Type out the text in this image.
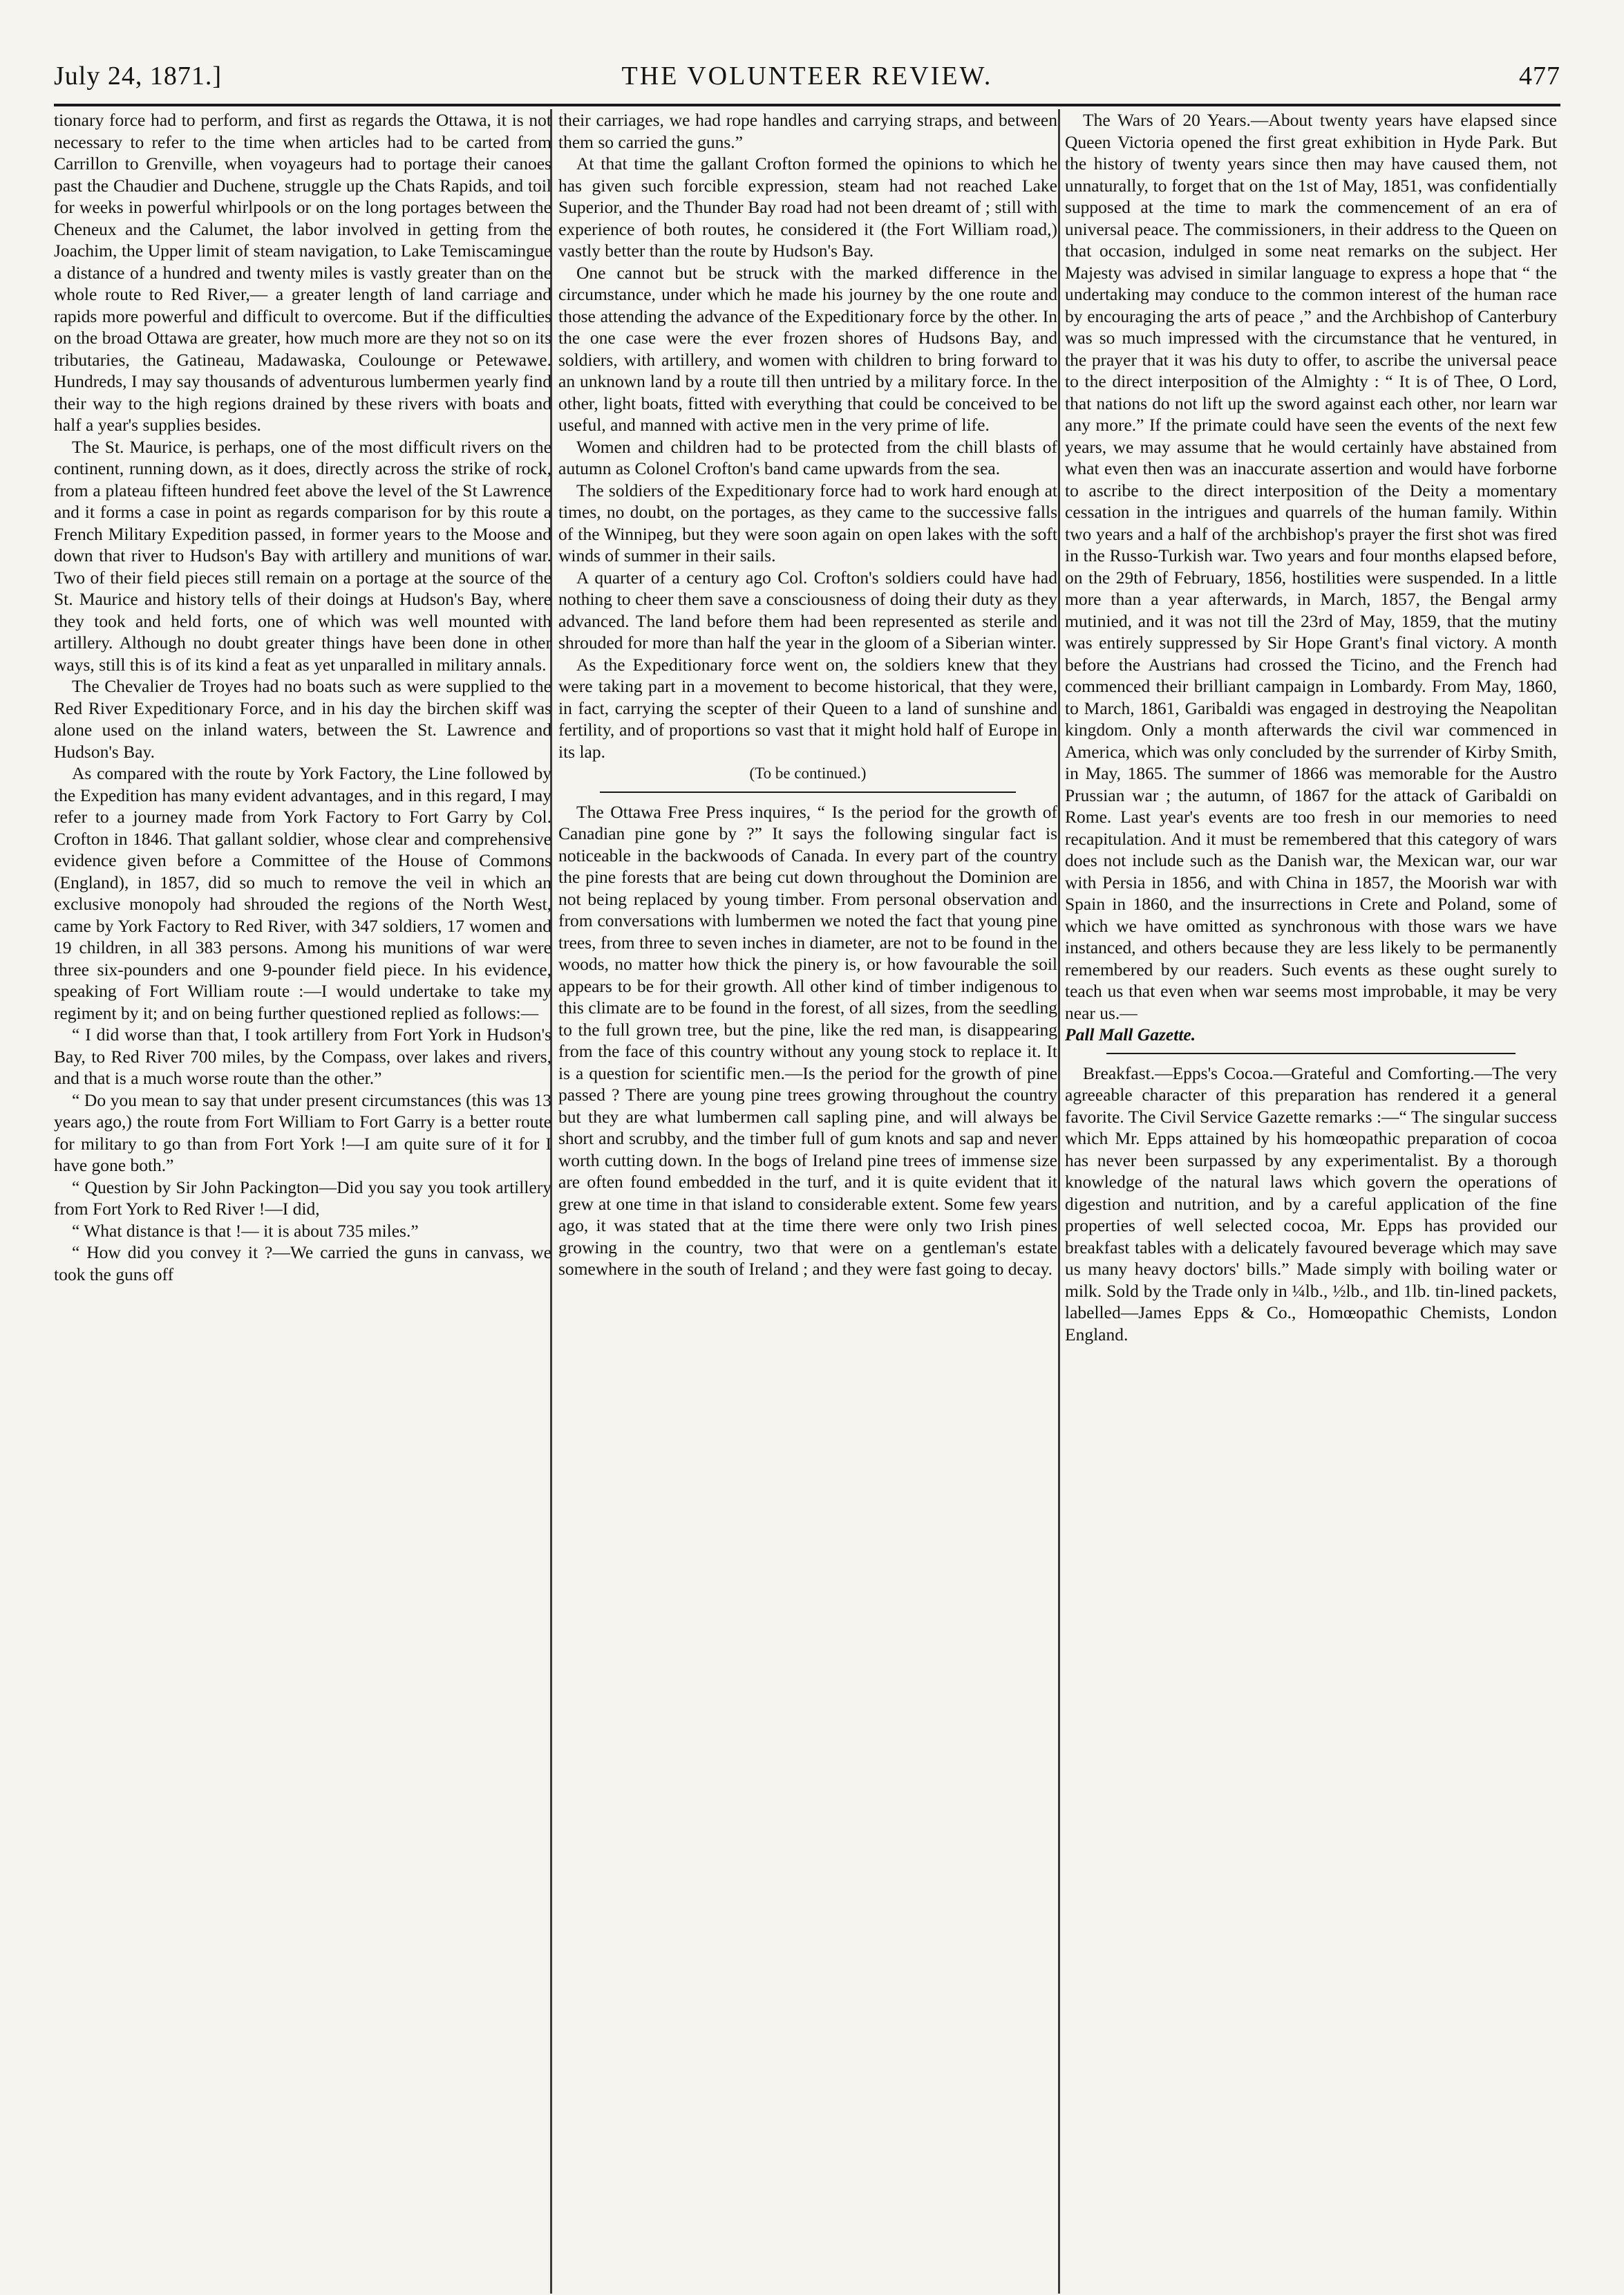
July 24, 1871.]	THE VOLUNTEER REVIEW.	477

tionary force had to perform, and first as regards the Ottawa, it is not necessary to refer to the time when articles had to be carted from Carrillon to Grenville, when voyageurs had to portage their canoes past the Chaudier and Duchene, struggle up the Chats Rapids, and toil for weeks in powerful whirlpools or on the long portages between the Cheneux and the Calumet, the labor involved in getting from the Joachim, the Upper limit of steam navigation, to Lake Temiscamingue a distance of a hundred and twenty miles is vastly greater than on the whole route to Red River,— a greater length of land carriage and rapids more powerful and difficult to overcome. But if the difficulties on the broad Ottawa are greater, how much more are they not so on its tributaries, the Gatineau, Madawaska, Coulounge or Petewawe. Hundreds, I may say thousands of adventurous lumbermen yearly find their way to the high regions drained by these rivers with boats and half a year's supplies besides.

The St. Maurice, is perhaps, one of the most difficult rivers on the continent, running down, as it does, directly across the strike of rock, from a plateau fifteen hundred feet above the level of the St Lawrence and it forms a case in point as regards comparison for by this route a French Military Expedition passed, in former years to the Moose and down that river to Hudson's Bay with artillery and munitions of war. Two of their field pieces still remain on a portage at the source of the St. Maurice and history tells of their doings at Hudson's Bay, where they took and held forts, one of which was well mounted with artillery. Although no doubt greater things have been done in other ways, still this is of its kind a feat as yet unparalled in military annals.

The Chevalier de Troyes had no boats such as were supplied to the Red River Expeditionary Force, and in his day the birchen skiff was alone used on the inland waters, between the St. Lawrence and Hudson's Bay.

As compared with the route by York Factory, the Line followed by the Expedition has many evident advantages, and in this regard, I may refer to a journey made from York Factory to Fort Garry by Col. Crofton in 1846. That gallant soldier, whose clear and comprehensive evidence given before a Committee of the House of Commons (England), in 1857, did so much to remove the veil in which an exclusive monopoly had shrouded the regions of the North West, came by York Factory to Red River, with 347 soldiers, 17 women and 19 children, in all 383 persons. Among his munitions of war were three six-pounders and one 9-pounder field piece. In his evidence, speaking of Fort William route :—I would undertake to take my regiment by it; and on being further questioned replied as follows:—

“ I did worse than that, I took artillery from Fort York in Hudson's Bay, to Red River 700 miles, by the Compass, over lakes and rivers, and that is a much worse route than the other.”

“ Do you mean to say that under present circumstances (this was 13 years ago,) the route from Fort William to Fort Garry is a better route for military to go than from Fort York !—I am quite sure of it for I have gone both.”

“ Question by Sir John Packington—Did you say you took artillery from Fort York to Red River !—I did,

“ What distance is that !— it is about 735 miles.”

“ How did you convey it ?—We carried the guns in canvass, we took the guns off

their carriages, we had rope handles and carrying straps, and between them so carried the guns.”

At that time the gallant Crofton formed the opinions to which he has given such forcible expression, steam had not reached Lake Superior, and the Thunder Bay road had not been dreamt of ; still with experience of both routes, he considered it (the Fort William road,) vastly better than the route by Hudson's Bay.

One cannot but be struck with the marked difference in the circumstance, under which he made his journey by the one route and those attending the advance of the Expeditionary force by the other. In the one case were the ever frozen shores of Hudsons Bay, and soldiers, with artillery, and women with children to bring forward to an unknown land by a route till then untried by a military force. In the other, light boats, fitted with everything that could be conceived to be useful, and manned with active men in the very prime of life.

Women and children had to be protected from the chill blasts of autumn as Colonel Crofton's band came upwards from the sea.

The soldiers of the Expeditionary force had to work hard enough at times, no doubt, on the portages, as they came to the successive falls of the Winnipeg, but they were soon again on open lakes with the soft winds of summer in their sails.

A quarter of a century ago Col. Crofton's soldiers could have had nothing to cheer them save a consciousness of doing their duty as they advanced. The land before them had been represented as sterile and shrouded for more than half the year in the gloom of a Siberian winter.

As the Expeditionary force went on, the soldiers knew that they were taking part in a movement to become historical, that they were, in fact, carrying the scepter of their Queen to a land of sunshine and fertility, and of proportions so vast that it might hold half of Europe in its lap.

(To be continued.)

The Ottawa Free Press inquires, “ Is the period for the growth of Canadian pine gone by ?” It says the following singular fact is noticeable in the backwoods of Canada. In every part of the country the pine forests that are being cut down throughout the Dominion are not being replaced by young timber. From personal observation and from conversations with lumbermen we noted the fact that young pine trees, from three to seven inches in diameter, are not to be found in the woods, no matter how thick the pinery is, or how favourable the soil appears to be for their growth. All other kind of timber indigenous to this climate are to be found in the forest, of all sizes, from the seedling to the full grown tree, but the pine, like the red man, is disappearing from the face of this country without any young stock to replace it. It is a question for scientific men.—Is the period for the growth of pine passed ? There are young pine trees growing throughout the country but they are what lumbermen call sapling pine, and will always be short and scrubby, and the timber full of gum knots and sap and never worth cutting down. In the bogs of Ireland pine trees of immense size are often found embedded in the turf, and it is quite evident that it grew at one time in that island to considerable extent. Some few years ago, it was stated that at the time there were only two Irish pines growing in the country, two that were on a gentleman's estate somewhere in the south of Ireland ; and they were fast going to decay.

The Wars of 20 Years.—About twenty years have elapsed since Queen Victoria opened the first great exhibition in Hyde Park. But the history of twenty years since then may have caused them, not unnaturally, to forget that on the 1st of May, 1851, was confidentially supposed at the time to mark the commencement of an era of universal peace. The commissioners, in their address to the Queen on that occasion, indulged in some neat remarks on the subject. Her Majesty was advised in similar language to express a hope that “ the undertaking may conduce to the common interest of the human race by encouraging the arts of peace ,” and the Archbishop of Canterbury was so much impressed with the circumstance that he ventured, in the prayer that it was his duty to offer, to ascribe the universal peace to the direct interposition of the Almighty : “ It is of Thee, O Lord, that nations do not lift up the sword against each other, nor learn war any more.” If the primate could have seen the events of the next few years, we may assume that he would certainly have abstained from what even then was an inaccurate assertion and would have forborne to ascribe to the direct interposition of the Deity a momentary cessation in the intrigues and quarrels of the human family. Within two years and a half of the archbishop's prayer the first shot was fired in the Russo-Turkish war. Two years and four months elapsed before, on the 29th of February, 1856, hostilities were suspended. In a little more than a year afterwards, in March, 1857, the Bengal army mutinied, and it was not till the 23rd of May, 1859, that the mutiny was entirely suppressed by Sir Hope Grant's final victory. A month before the Austrians had crossed the Ticino, and the French had commenced their brilliant campaign in Lombardy. From May, 1860, to March, 1861, Garibaldi was engaged in destroying the Neapolitan kingdom. Only a month afterwards the civil war commenced in America, which was only concluded by the surrender of Kirby Smith, in May, 1865. The summer of 1866 was memorable for the Austro Prussian war ; the autumn, of 1867 for the attack of Garibaldi on Rome. Last year's events are too fresh in our memories to need recapitulation. And it must be remembered that this category of wars does not include such as the Danish war, the Mexican war, our war with Persia in 1856, and with China in 1857, the Moorish war with Spain in 1860, and the insurrections in Crete and Poland, some of which we have omitted as synchronous with those wars we have instanced, and others because they are less likely to be permanently remembered by our readers. Such events as these ought surely to teach us that even when war seems most improbable, it may be very near us.—

Pall Mall Gazette.

Breakfast.—Epps's Cocoa.—Grateful and Comforting.—The very agreeable character of this preparation has rendered it a general favorite. The Civil Service Gazette remarks :—“ The singular success which Mr. Epps attained by his homœopathic preparation of cocoa has never been surpassed by any experimentalist. By a thorough knowledge of the natural laws which govern the operations of digestion and nutrition, and by a careful application of the fine properties of well selected cocoa, Mr. Epps has provided our breakfast tables with a delicately favoured beverage which may save us many heavy doctors' bills.” Made simply with boiling water or milk. Sold by the Trade only in ¼lb., ½lb., and 1lb. tin-lined packets, labelled—James Epps & Co., Homœopathic Chemists, London England.
